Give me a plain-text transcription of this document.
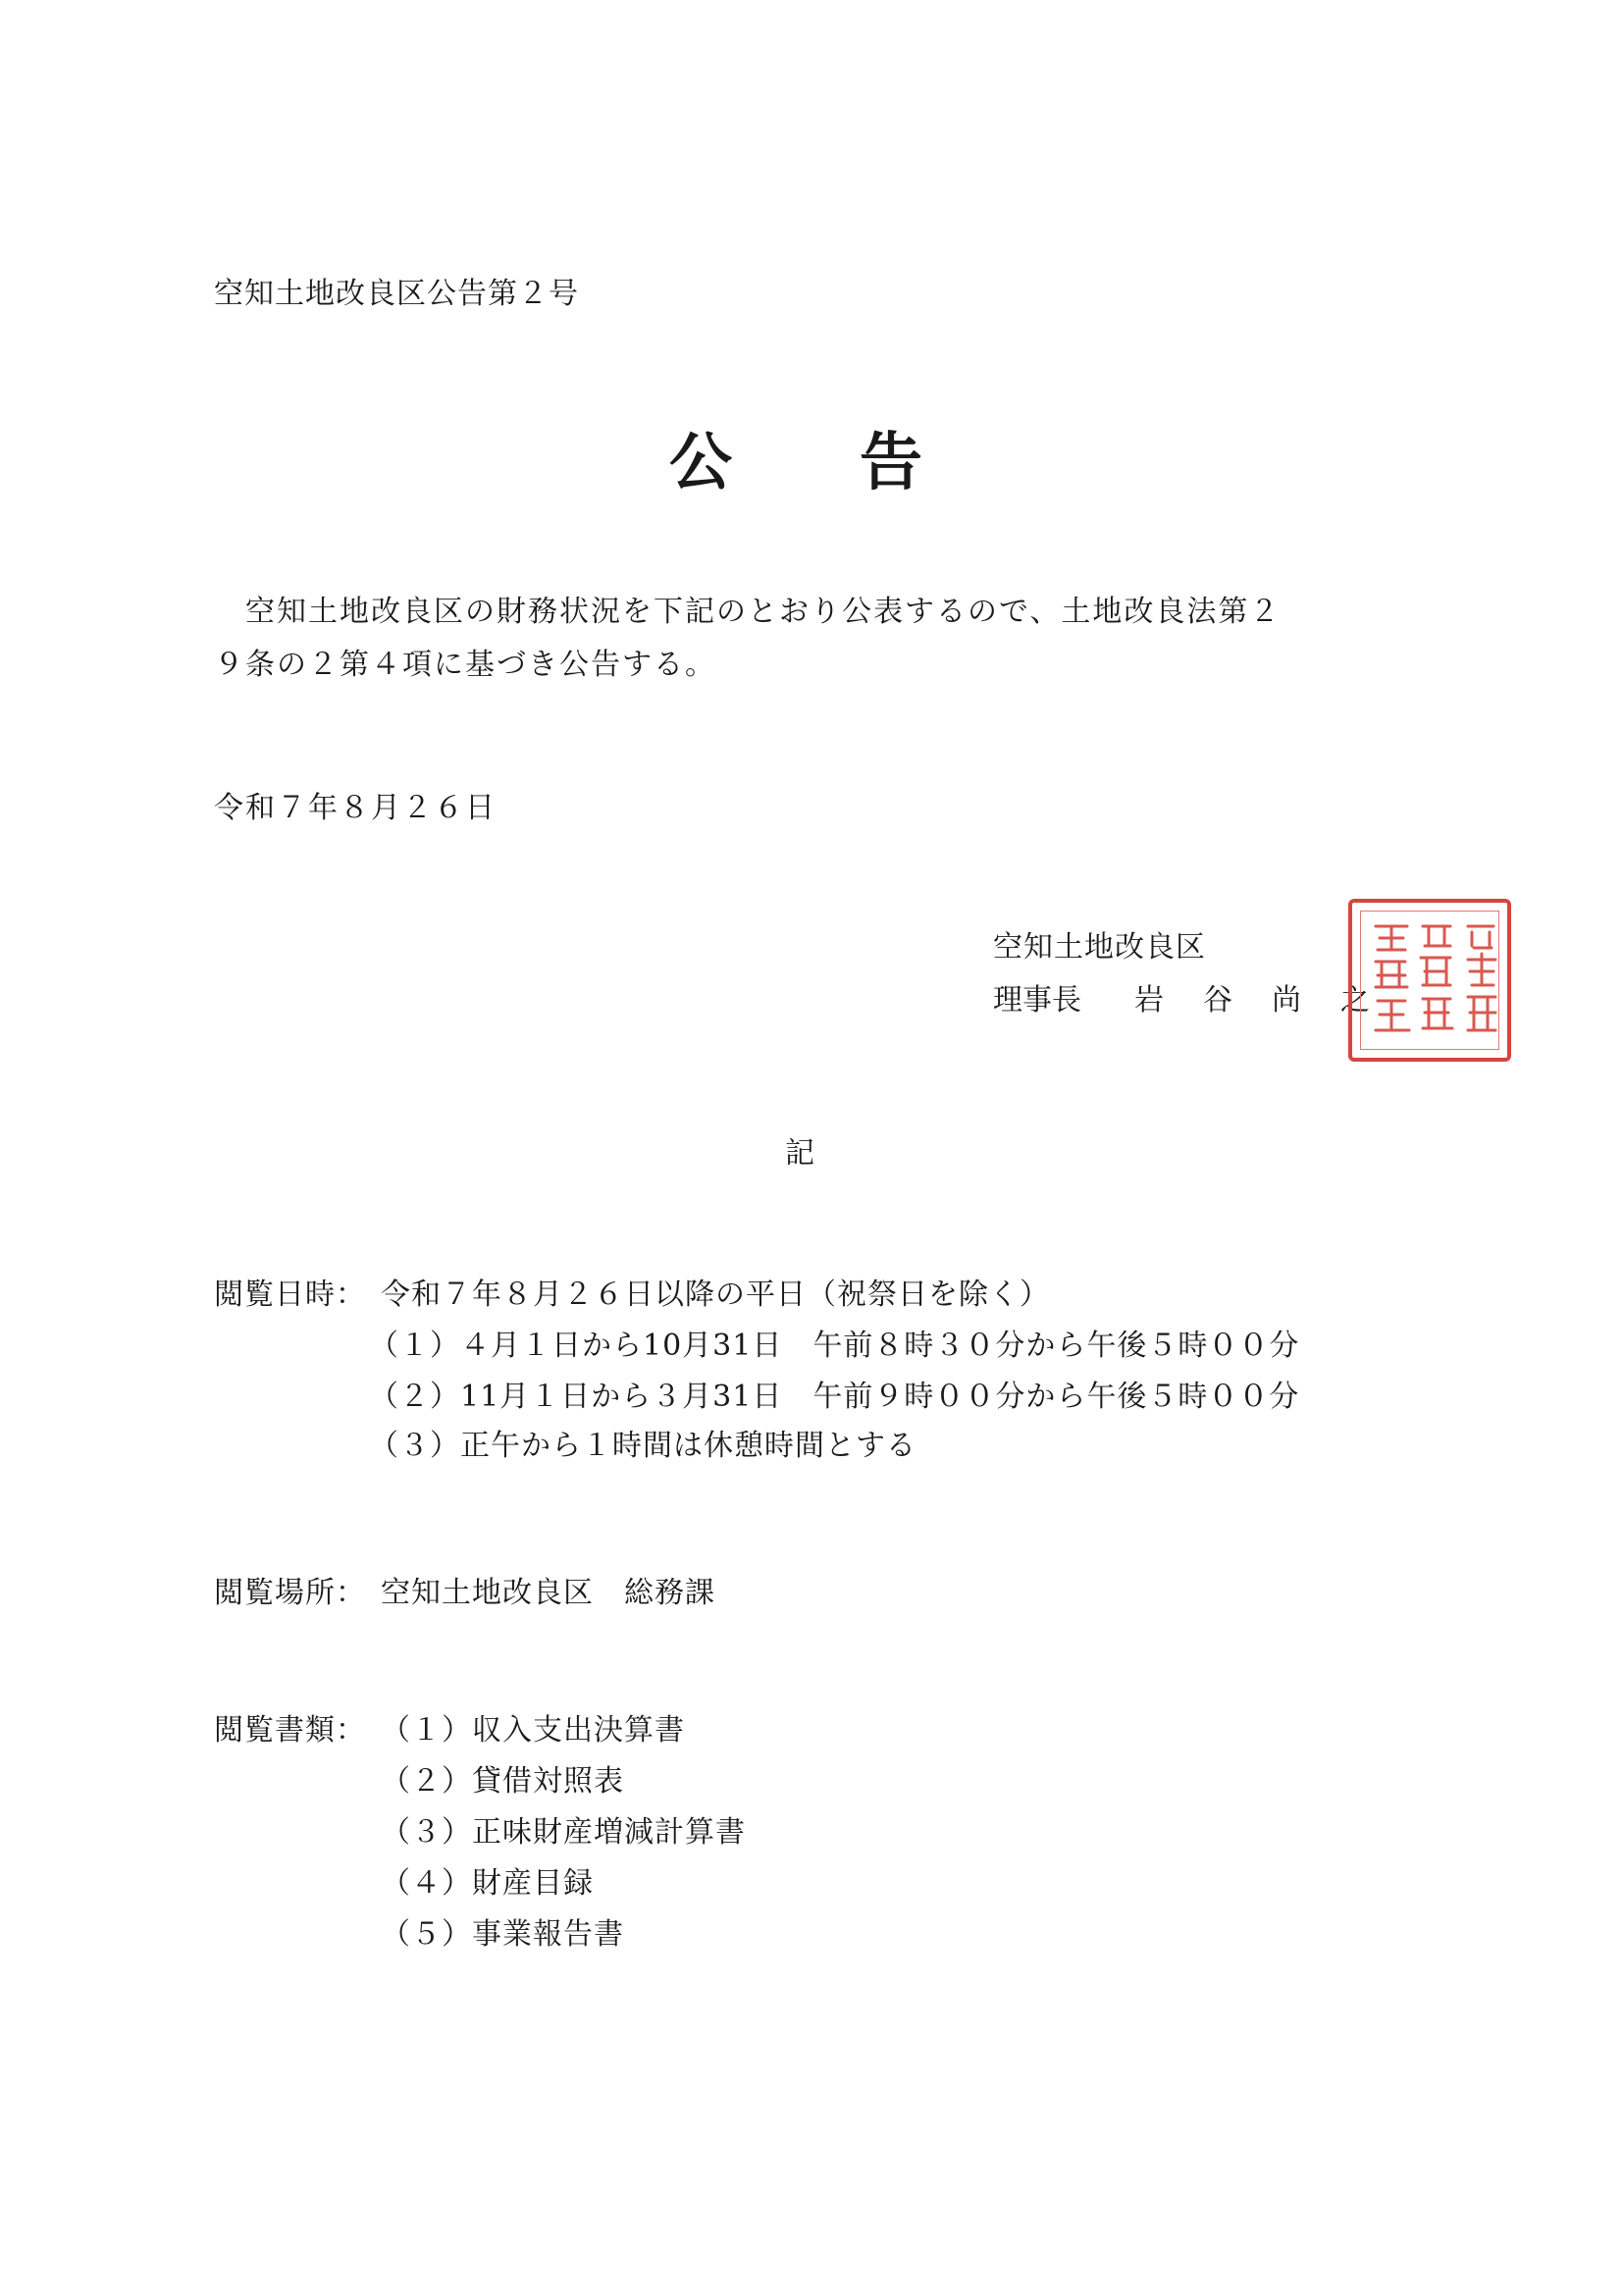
空知土地改良区公告第２号
公告
　空知土地改良区の財務状況を下記のとおり公表するので、土地改良法第２
９条の２第４項に基づき公告する。
令和７年８月２６日
空知土地改良区
理事長 岩谷尚之
記
閲覧日時： 令和７年８月２６日以降の平日（祝祭日を除く）
（１）４月１日から10月31日　午前８時３０分から午後５時００分
（２）11月１日から３月31日　午前９時００分から午後５時００分
（３）正午から１時間は休憩時間とする
閲覧場所： 空知土地改良区　総務課
閲覧書類： （１）収入支出決算書
（２）貸借対照表
（３）正味財産増減計算書
（４）財産目録
（５）事業報告書
